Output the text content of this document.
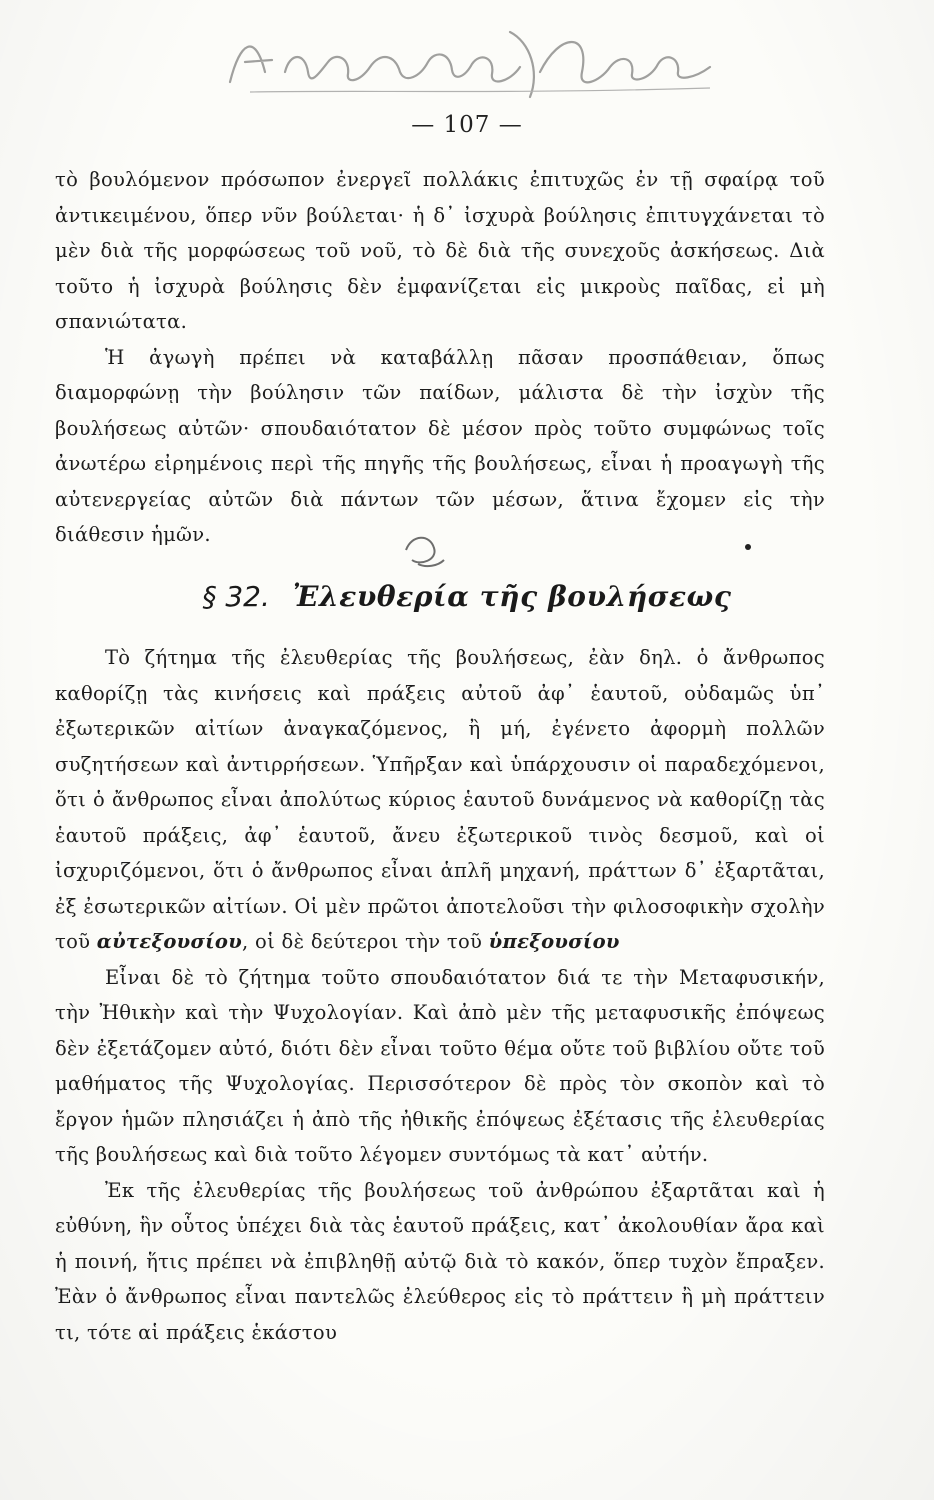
— 107 —

τὸ βουλόμενον πρόσωπον ἐνεργεῖ πολλάκις ἐπιτυχῶς ἐν τῇ σφαίρᾳ τοῦ ἀντικειμένου, ὅπερ νῦν βούλεται· ἡ δ᾿ ἰσχυρὰ βούλησις ἐπιτυγχάνεται τὸ μὲν διὰ τῆς μορφώσεως τοῦ νοῦ, τὸ δὲ διὰ τῆς συνεχοῦς ἀσκήσεως. Διὰ τοῦτο ἡ ἰσχυρὰ βούλησις δὲν ἐμφανίζεται εἰς μικροὺς παῖδας, εἰ μὴ σπανιώτατα.

Ἡ ἀγωγὴ πρέπει νὰ καταβάλλῃ πᾶσαν προσπάθειαν, ὅπως διαμορφώνῃ τὴν βούλησιν τῶν παίδων, μάλιστα δὲ τὴν ἰσχὺν τῆς βουλήσεως αὐτῶν· σπουδαιότατον δὲ μέσον πρὸς τοῦτο συμφώνως τοῖς ἀνωτέρω εἰρημένοις περὶ τῆς πηγῆς τῆς βουλήσεως, εἶναι ἡ προαγωγὴ τῆς αὐτενεργείας αὐτῶν διὰ πάντων τῶν μέσων, ἅτινα ἔχομεν εἰς τὴν διάθεσιν ἡμῶν.

§ 32. Ἐλευθερία τῆς βουλήσεως

Τὸ ζήτημα τῆς ἐλευθερίας τῆς βουλήσεως, ἐὰν δηλ. ὁ ἄνθρωπος καθορίζῃ τὰς κινήσεις καὶ πράξεις αὐτοῦ ἀφ᾿ ἑαυτοῦ, οὐδαμῶς ὑπ᾿ ἐξωτερικῶν αἰτίων ἀναγκαζόμενος, ἢ μή, ἐγένετο ἀφορμὴ πολλῶν συζητήσεων καὶ ἀντιρρήσεων. Ὑπῆρξαν καὶ ὑπάρχουσιν οἱ παραδεχόμενοι, ὅτι ὁ ἄνθρωπος εἶναι ἀπολύτως κύριος ἑαυτοῦ δυνάμενος νὰ καθορίζῃ τὰς ἑαυτοῦ πράξεις, ἀφ᾿ ἑαυτοῦ, ἄνευ ἐξωτερικοῦ τινὸς δεσμοῦ, καὶ οἱ ἰσχυριζόμενοι, ὅτι ὁ ἄνθρωπος εἶναι ἁπλῆ μηχανή, πράττων δ᾿ ἐξαρτᾶται, ἐξ ἐσωτερικῶν αἰτίων. Οἱ μὲν πρῶτοι ἀποτελοῦσι τὴν φιλοσοφικὴν σχολὴν τοῦ αὐτεξουσίου, οἱ δὲ δεύτεροι τὴν τοῦ ὑπεξουσίου

Εἶναι δὲ τὸ ζήτημα τοῦτο σπουδαιότατον διά τε τὴν Μεταφυσικήν, τὴν Ἠθικὴν καὶ τὴν Ψυχολογίαν. Καὶ ἀπὸ μὲν τῆς μεταφυσικῆς ἐπόψεως δὲν ἐξετάζομεν αὐτό, διότι δὲν εἶναι τοῦτο θέμα οὔτε τοῦ βιβλίου οὔτε τοῦ μαθήματος τῆς Ψυχολογίας. Περισσότερον δὲ πρὸς τὸν σκοπὸν καὶ τὸ ἔργον ἡμῶν πλησιάζει ἡ ἀπὸ τῆς ἠθικῆς ἐπόψεως ἐξέτασις τῆς ἐλευθερίας τῆς βουλήσεως καὶ διὰ τοῦτο λέγομεν συντόμως τὰ κατ᾿ αὐτήν.

Ἐκ τῆς ἐλευθερίας τῆς βουλήσεως τοῦ ἀνθρώπου ἐξαρτᾶται καὶ ἡ εὐθύνη, ἣν οὗτος ὑπέχει διὰ τὰς ἑαυτοῦ πράξεις, κατ᾿ ἀκολουθίαν ἄρα καὶ ἡ ποινή, ἥτις πρέπει νὰ ἐπιβληθῇ αὐτῷ διὰ τὸ κακόν, ὅπερ τυχὸν ἔπραξεν. Ἐὰν ὁ ἄνθρωπος εἶναι παντελῶς ἐλεύθερος εἰς τὸ πράττειν ἢ μὴ πράττειν τι, τότε αἱ πράξεις ἑκάστου
